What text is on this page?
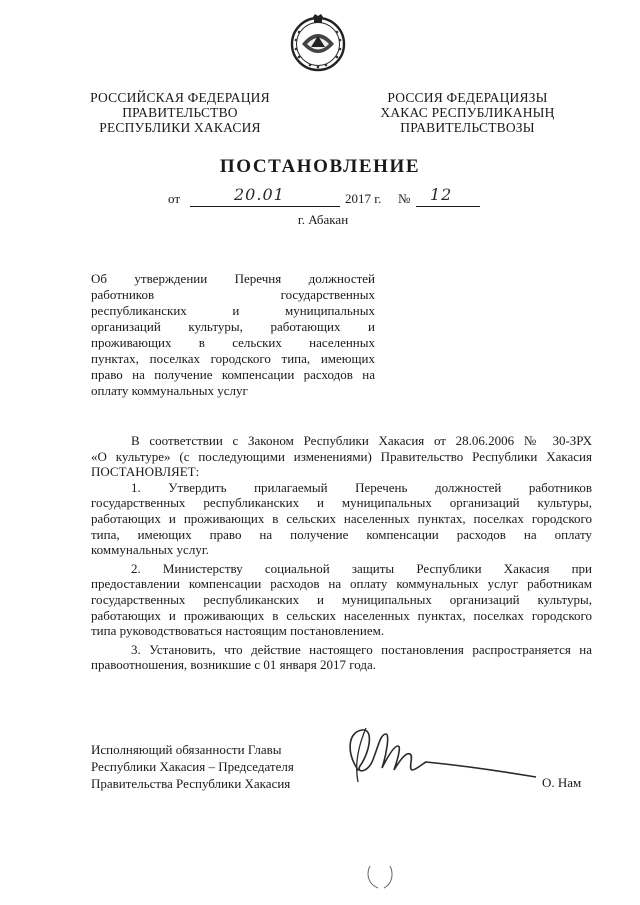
РОССИЙСКАЯ ФЕДЕРАЦИЯ
ПРАВИТЕЛЬСТВО
РЕСПУБЛИКИ ХАКАСИЯ
РОССИЯ ФЕДЕРАЦИЯЗЫ
ХАКАС РЕСПУБЛИКАНЫҢ
ПРАВИТЕЛЬСТВОЗЫ
ПОСТАНОВЛЕНИЕ
от	20.01	2017 г. № 12
г. Абакан
Об утверждении Перечня должностей
работников государственных
республиканских и муниципальных
организаций культуры, работающих и
проживающих в сельских населенных
пунктах, поселках городского типа, имеющих
право на получение компенсации расходов на
оплату коммунальных услуг
В соответствии с Законом Республики Хакасия от 28.06.2006 № 30-ЗРХ
«О культуре» (с последующими изменениями) Правительство Республики Хакасия
ПОСТАНОВЛЯЕТ:
1. Утвердить прилагаемый Перечень должностей работников
государственных республиканских и муниципальных организаций культуры,
работающих и проживающих в сельских населенных пунктах, поселках городского
типа, имеющих право на получение компенсации расходов на оплату
коммунальных услуг.
2. Министерству социальной защиты Республики Хакасия при
предоставлении компенсации расходов на оплату коммунальных услуг работникам
государственных республиканских и муниципальных организаций культуры,
работающих и проживающих в сельских населенных пунктах, поселках городского
типа руководствоваться настоящим постановлением.
3. Установить, что действие настоящего постановления распространяется на
правоотношения, возникшие с 01 января 2017 года.
Исполняющий обязанности Главы
Республики Хакасия – Председателя
Правительства Республики Хакасия	О. Нам
